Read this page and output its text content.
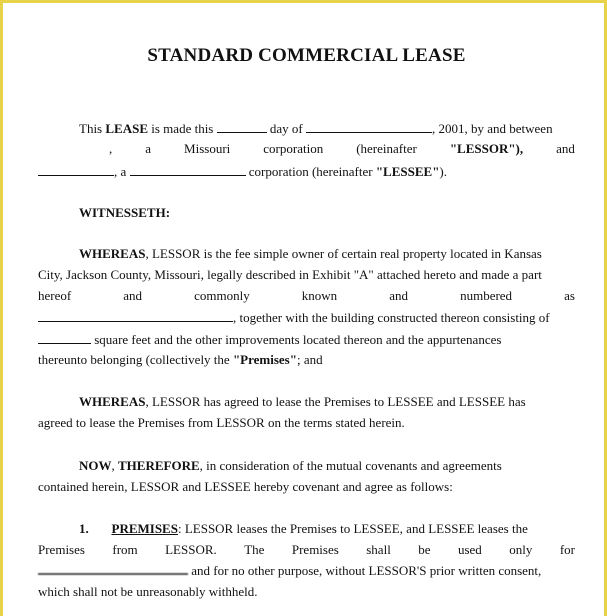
STANDARD COMMERCIAL LEASE
This LEASE is made this	day of	, 2001, by and between
,	a	Missouri	corporation	(hereinafter	"LESSOR"),	and
, a	corporation (hereinafter "LESSEE").
WITNESSETH:
WHEREAS, LESSOR is the fee simple owner of certain real property located in Kansas
City, Jackson County, Missouri, legally described in Exhibit "A" attached hereto and made a part
hereof	and	commonly	known	and	numbered	as
, together with the building constructed thereon consisting of
square feet and the other improvements located thereon and the appurtenances
thereunto belonging (collectively the "Premises"; and
WHEREAS, LESSOR has agreed to lease the Premises to LESSEE and LESSEE has
agreed to lease the Premises from LESSOR on the terms stated herein.
NOW, THEREFORE, in consideration of the mutual covenants and agreements
contained herein, LESSOR and LESSEE hereby covenant and agree as follows:
1. PREMISES: LESSOR leases the Premises to LESSEE, and LESSEE leases the
Premises from LESSOR. The Premises shall be used only for
and for no other purpose, without LESSOR'S prior written consent,
which shall not be unreasonably withheld.
